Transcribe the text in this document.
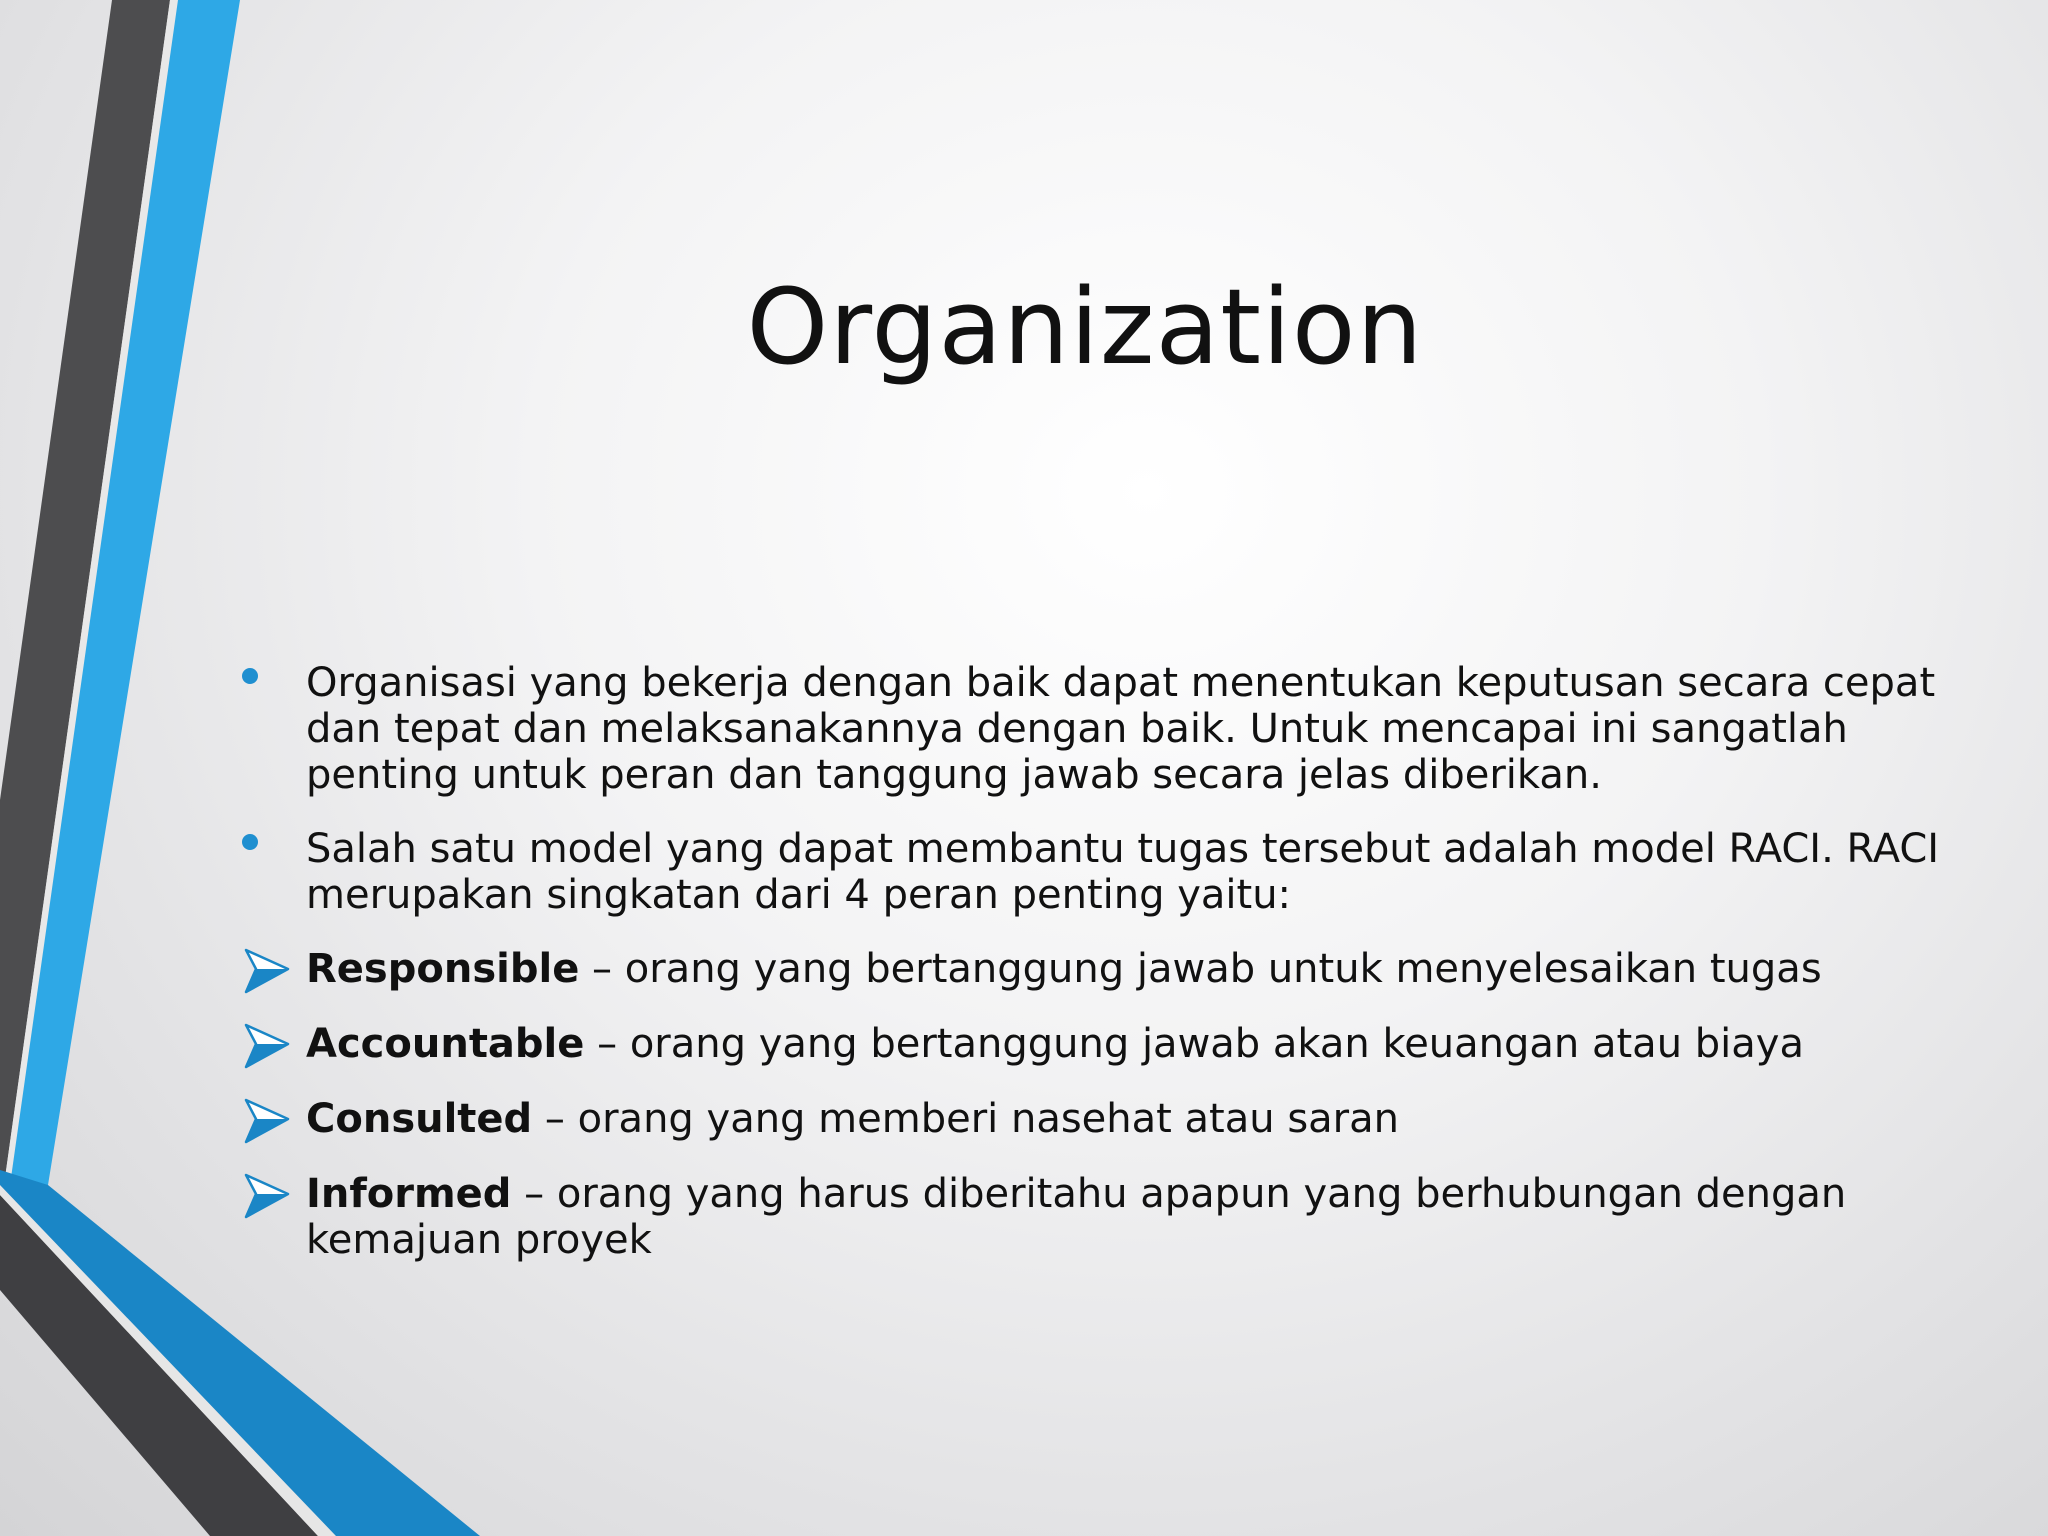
Organization
Organisasi yang bekerja dengan baik dapat menentukan keputusan secara cepat dan tepat dan melaksanakannya dengan baik. Untuk mencapai ini sangatlah penting untuk peran dan tanggung jawab secara jelas diberikan.
Salah satu model yang dapat membantu tugas tersebut adalah model RACI. RACI merupakan singkatan dari 4 peran penting yaitu:
Responsible – orang yang bertanggung jawab untuk menyelesaikan tugas
Accountable – orang yang bertanggung jawab akan keuangan atau biaya
Consulted – orang yang memberi nasehat atau saran
Informed – orang yang harus diberitahu apapun yang berhubungan dengan kemajuan proyek
